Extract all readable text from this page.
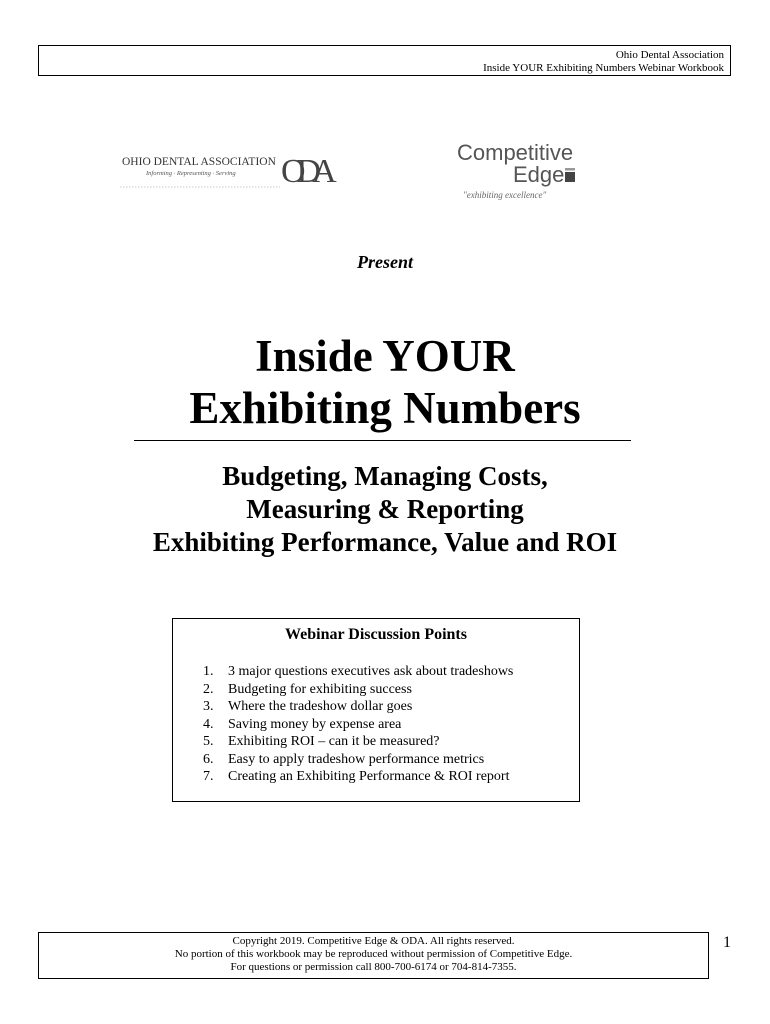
Ohio Dental Association
Inside YOUR Exhibiting Numbers Webinar Workbook
OHIO DENTAL ASSOCIATION
Informing · Representing · Serving ODA
Competitive
Edge
"exhibiting excellence"
Present
Inside YOUR
Exhibiting Numbers
Budgeting, Managing Costs,
Measuring & Reporting
Exhibiting Performance, Value and ROI
Webinar Discussion Points
1. 3 major questions executives ask about tradeshows
2. Budgeting for exhibiting success
3. Where the tradeshow dollar goes
4. Saving money by expense area
5. Exhibiting ROI – can it be measured?
6. Easy to apply tradeshow performance metrics
7. Creating an Exhibiting Performance & ROI report
Copyright 2019. Competitive Edge & ODA. All rights reserved.
No portion of this workbook may be reproduced without permission of Competitive Edge.
For questions or permission call 800-700-6174 or 704-814-7355.
1
